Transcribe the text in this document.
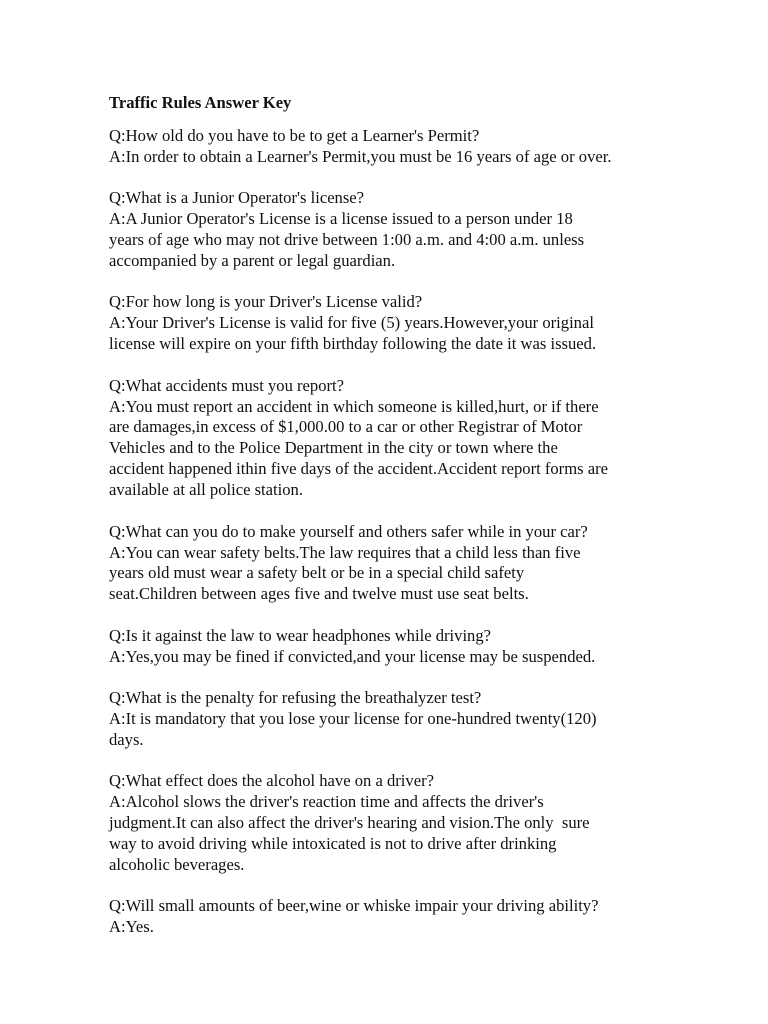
Traffic Rules Answer Key
Q:How old do you have to be to get a Learner's Permit?
A:In order to obtain a Learner's Permit,you must be 16 years of age or over.
Q:What is a Junior Operator's license?
A:A Junior Operator's License is a license issued to a person under 18
years of age who may not drive between 1:00 a.m. and 4:00 a.m. unless
accompanied by a parent or legal guardian.
Q:For how long is your Driver's License valid?
A:Your Driver's License is valid for five (5) years.However,your original
license will expire on your fifth birthday following the date it was issued.
Q:What accidents must you report?
A:You must report an accident in which someone is killed,hurt, or if there
are damages,in excess of $1,000.00 to a car or other Registrar of Motor
Vehicles and to the Police Department in the city or town where the
accident happened ithin five days of the accident.Accident report forms are
available at all police station.
Q:What can you do to make yourself and others safer while in your car?
A:You can wear safety belts.The law requires that a child less than five
years old must wear a safety belt or be in a special child safety
seat.Children between ages five and twelve must use seat belts.
Q:Is it against the law to wear headphones while driving?
A:Yes,you may be fined if convicted,and your license may be suspended.
Q:What is the penalty for refusing the breathalyzer test?
A:It is mandatory that you lose your license for one-hundred twenty(120)
days.
Q:What effect does the alcohol have on a driver?
A:Alcohol slows the driver's reaction time and affects the driver's
judgment.It can also affect the driver's hearing and vision.The only  sure
way to avoid driving while intoxicated is not to drive after drinking
alcoholic beverages.
Q:Will small amounts of beer,wine or whiske impair your driving ability?
A:Yes.
